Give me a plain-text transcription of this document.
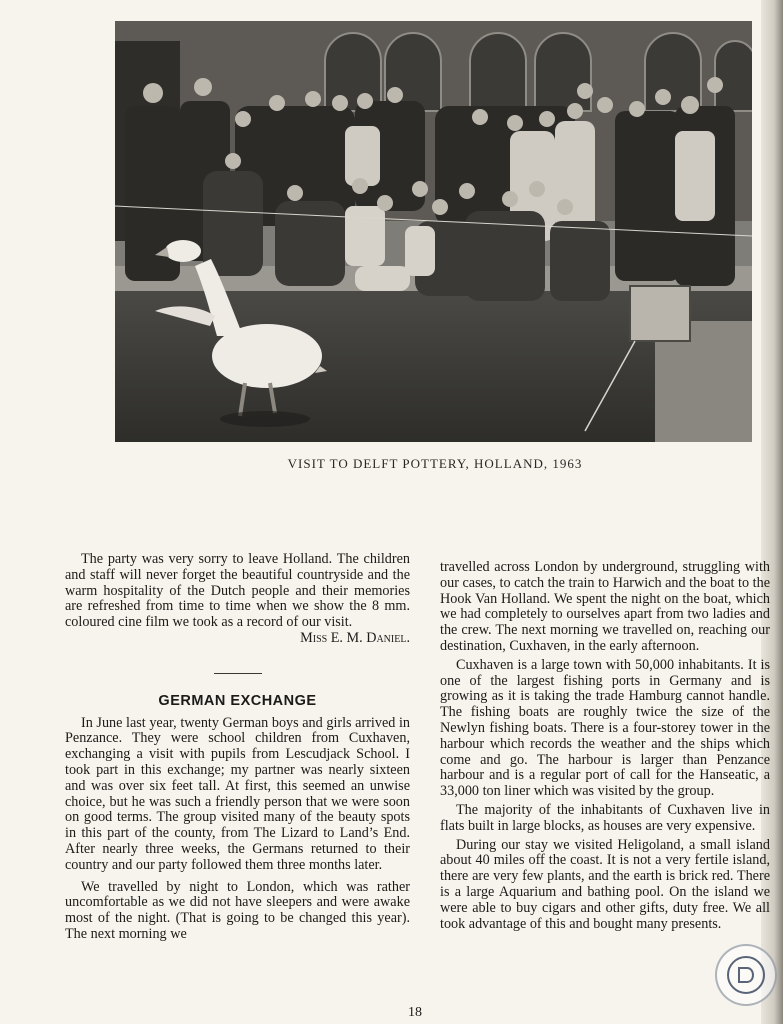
VISIT TO DELFT POTTERY, HOLLAND, 1963

The party was very sorry to leave Holland. The children and staff will never forget the beautiful countryside and the warm hospitality of the Dutch people and their memories are refreshed from time to time when we show the 8 mm. coloured cine film we took as a record of our visit.

Miss E. M. Daniel.

GERMAN EXCHANGE

In June last year, twenty German boys and girls arrived in Penzance. They were school children from Cuxhaven, exchanging a visit with pupils from Lescudjack School. I took part in this exchange; my partner was nearly sixteen and was over six feet tall. At first, this seemed an unwise choice, but he was such a friendly person that we were soon on good terms. The group visited many of the beauty spots in this part of the county, from The Lizard to Land’s End. After nearly three weeks, the Germans returned to their country and our party followed them three months later.

We travelled by night to London, which was rather uncomfortable as we did not have sleepers and were awake most of the night. (That is going to be changed this year). The next morning we

travelled across London by underground, struggling with our cases, to catch the train to Harwich and the boat to the Hook Van Holland. We spent the night on the boat, which we had completely to ourselves apart from two ladies and the crew. The next morning we travelled on, reaching our destination, Cuxhaven, in the early afternoon.

Cuxhaven is a large town with 50,000 inhabitants. It is one of the largest fishing ports in Germany and is growing as it is taking the trade Hamburg cannot handle. The fishing boats are roughly twice the size of the Newlyn fishing boats. There is a four-storey tower in the harbour which records the weather and the ships which come and go. The harbour is larger than Penzance harbour and is a regular port of call for the Hanseatic, a 33,000 ton liner which was visited by the group.

The majority of the inhabitants of Cuxhaven live in flats built in large blocks, as houses are very expensive.

During our stay we visited Heligoland, a small island about 40 miles off the coast. It is not a very fertile island, there are very few plants, and the earth is brick red. There is a large Aquarium and bathing pool. On the island we were able to buy cigars and other gifts, duty free. We all took advantage of this and bought many presents.

18
